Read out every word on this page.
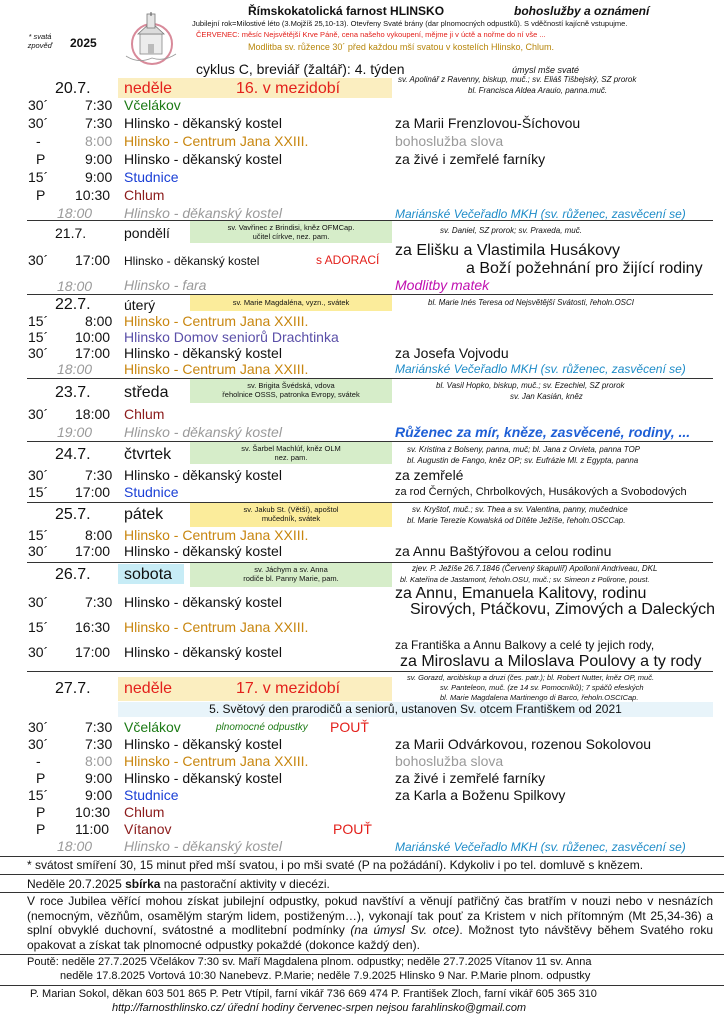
* svatá zpověď 2025
Římskokatolická farnost HLINSKO	bohoslužby a oznámení
Jubilejní rok=Milostivé léto (3.Mojžíš 25,10-13). Otevřeny Svaté brány (dar plnomocných odpustků). S vděčností kajícně vstupujme.
ČERVENEC: měsíc Nejsvětější Krve Páně, cena našeho vykoupení, mějme ji v úctě a nořme do ní vše ...
Modlitba sv. růžence 30´ před každou mší svatou v kostelích Hlinsko, Chlum.
cyklus C, breviář (žaltář): 4. týden	úmysl mše svaté
20.7. neděle	16. v mezidobí
sv. Apolinář z Ravenny, biskup, muč.; sv. Eliáš Tišbejský, SZ prorok
bl. Francisca Aldea Arauio, panna.muč.
30´	7:30 Včelákov
30´	7:30 Hlinsko - děkanský kostel	za Marii Frenzlovou-Šíchovou
-	8:00 Hlinsko - Centrum Jana XXIII.	bohoslužba slova
P	9:00 Hlinsko - děkanský kostel	za živé i zemřelé farníky
15´	9:00 Studnice
P 10:30 Chlum
18:00 Hlinsko - děkanský kostel	Mariánské Večeřadlo MKH (sv. růženec, zasvěcení se)
21.7.	pondělí	sv. Vavřinec z Brindisi, kněz OFMCap.
učitel církve, nez. pam.
sv. Daniel, SZ prorok; sv. Praxeda, muč.
30´ 17:00 Hlinsko - děkanský kostel	s ADORACÍ
za Elišku a Vlastimila Husákovy
a Boží požehnání pro žijící rodiny
18:00 Hlinsko - fara	Modlitby matek
22.7. úterý	sv. Marie Magdaléna, vyzn., svátek	bl. Marie Inés Teresa od Nejsvětější Svátosti, řeholn.OSCI
15´	8:00 Hlinsko - Centrum Jana XXIII.
15´ 10:00 Hlinsko Domov seniorů Drachtinka
30´ 17:00 Hlinsko - děkanský kostel	za Josefa Vojvodu
18:00 Hlinsko - Centrum Jana XXIII.	Mariánské Večeřadlo MKH (sv. růženec, zasvěcení se)
23.7. středa	sv. Brigita Švédská, vdova
řeholnice OSSS, patronka Evropy, svátek
bl. Vasil Hopko, biskup, muč.; sv. Ezechiel, SZ prorok
sv. Jan Kasián, kněz
30´ 18:00 Chlum
19:00 Hlinsko - děkanský kostel	Růženec za mír, kněze, zasvěcené, rodiny, ...
24.7. čtvrtek	sv. Šarbel Machlúf, kněz OLM
nez. pam.
sv. Kristina z Bolseny, panna, muč; bl. Jana z Orvieta, panna TOP
bl. Augustin de Fango, kněz OP; sv. Eufrázie Ml. z Egypta, panna
30´	7:30 Hlinsko - děkanský kostel	za zemřelé
15´ 17:00 Studnice	za rod Černých, Chrbolkových, Husákových a Svobodových
25.7. pátek	sv. Jakub St. (Větší), apoštol
mučedník, svátek
sv. Kryštof, muč.; sv. Thea a sv. Valentina, panny, mučednice
bl. Marie Terezie Kowalská od Dítěte Ježíše, řeholn.OSCCap.
15´	8:00 Hlinsko - Centrum Jana XXIII.
30´ 17:00 Hlinsko - děkanský kostel	za Annu Baštýřovou a celou rodinu
26.7. sobota	sv. Jáchym a sv. Anna
rodiče bl. Panny Marie, pam.
zjev. P. Ježíše 26.7.1846 (Červený škapulíř) Apollonii Andriveau, DKL
bl. Kateřina de Jastamont, řeholn.OSU, muč.; sv. Simeon z Polirone, poust.
30´	7:30 Hlinsko - děkanský kostel	za Annu, Emanuela Kalitovy, rodinu
Sirových, Ptáčkovu, Zimových a Daleckých
15´ 16:30 Hlinsko - Centrum Jana XXIII.
30´ 17:00 Hlinsko - děkanský kostel	za Františka a Annu Balkovy a celé ty jejich rody,
za Miroslavu a Miloslava Poulovy a ty rody
27.7. neděle	17. v mezidobí
sv. Gorazd, arcibiskup a druzi (čes. patr.); bl. Robert Nutter, kněz OP, muč.
sv. Panteleon, muč. (ze 14 sv. Pomocníků); 7 spáčů efeských
bl. Marie Magdalena Martinengo di Barco, řeholn.OSCICap.
5. Světový den prarodičů a seniorů, ustanoven Sv. otcem Františkem od 2021
30´	7:30 Včelákov	plnomocné odpustky POUŤ
30´	7:30 Hlinsko - děkanský kostel	za Marii Odvárkovou, rozenou Sokolovou
-	8:00 Hlinsko - Centrum Jana XXIII.	bohoslužba slova
P	9:00 Hlinsko - děkanský kostel	za živé i zemřelé farníky
15´	9:00 Studnice	za Karla a Boženu Spilkovy
P 10:30 Chlum
P 11:00 Vítanov	POUŤ
18:00 Hlinsko - děkanský kostel	Mariánské Večeřadlo MKH (sv. růženec, zasvěcení se)
* svátost smíření 30, 15 minut před mší svatou, i po mši svaté (P na požádání). Kdykoliv i po tel. domluvě s knězem.
Neděle 20.7.2025 sbírka na pastorační aktivity v diecézi.
V roce Jubilea věřící mohou získat jubilejní odpustky, pokud navštíví a věnují patřičný čas bratřím v nouzi nebo v nesnázích (nemocným, vězňům, osamělým starým lidem, postiženým…), vykonají tak pouť za Kristem v nich přítomným (Mt 25,34-36) a splní obvyklé duchovní, svátostné a modlitební podmínky (na úmysl Sv. otce). Možnost tyto návštěvy během Svatého roku opakovat a získat tak plnomocné odpustky pokaždé (dokonce každý den).
Poutě: neděle 27.7.2025 Včelákov 7:30 sv. Maří Magdalena plnom. odpustky; neděle 27.7.2025 Vítanov 11 sv. Anna
neděle 17.8.2025 Vortová 10:30 Nanebevz. P.Marie; neděle 7.9.2025 Hlinsko 9 Nar. P.Marie plnom. odpustky
P. Marian Sokol, děkan 603 501 865 P. Petr Vtípil, farní vikář 736 669 474 P. František Zloch, farní vikář 605 365 310
http://farnosthlinsko.cz/ úřední hodiny červenec-srpen nejsou farahlinsko@gmail.com
